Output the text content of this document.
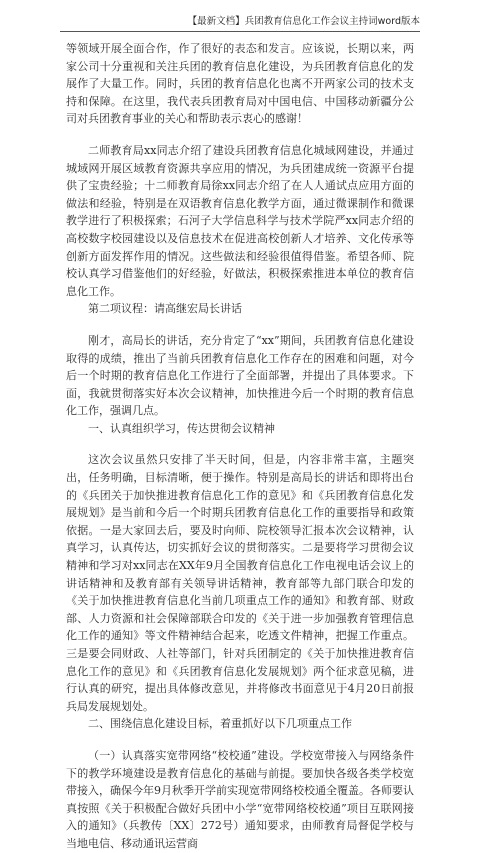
【最新文档】兵团教育信息化工作会议主持词word版本

等领域开展全面合作，作了很好的表态和发言。应该说，长期以来，两家公司十分重视和关注兵团的教育信息化建设，为兵团教育信息化的发展作了大量工作。同时，兵团的教育信息化也离不开两家公司的技术支持和保障。在这里，我代表兵团教育局对中国电信、中国移动新疆分公司对兵团教育事业的关心和帮助表示衷心的感谢！

二师教育局xx同志介绍了建设兵团教育信息化城域网建设，并通过城域网开展区域教育资源共享应用的情况，为兵团建成统一资源平台提供了宝贵经验；十二师教育局徐xx同志介绍了在人人通试点应用方面的做法和经验，特别是在双语教育信息化教学方面，通过微课制作和微课教学进行了积极探索；石河子大学信息科学与技术学院严xx同志介绍的高校数字校园建设以及信息技术在促进高校创新人才培养、文化传承等创新方面发挥作用的情况。这些做法和经验很值得借鉴。希望各师、院校认真学习借鉴他们的好经验，好做法，积极探索推进本单位的教育信息化工作。

第二项议程：请高继宏局长讲话

刚才，高局长的讲话，充分肯定了“xx”期间，兵团教育信息化建设取得的成绩，推出了当前兵团教育信息化工作存在的困难和问题，对今后一个时期的教育信息化工作进行了全面部署，并提出了具体要求。下面，我就贯彻落实好本次会议精神，加快推进今后一个时期的教育信息化工作，强调几点。

一、认真组织学习，传达贯彻会议精神

这次会议虽然只安排了半天时间，但是，内容非常丰富，主题突出，任务明确，目标清晰，便于操作。特别是高局长的讲话和即将出台的《兵团关于加快推进教育信息化工作的意见》和《兵团教育信息化发展规划》是当前和今后一个时期兵团教育信息化工作的重要指导和政策依据。一是大家回去后，要及时向师、院校领导汇报本次会议精神，认真学习，认真传达，切实抓好会议的贯彻落实。二是要将学习贯彻会议精神和学习对xx同志在XX年9月全国教育信息化工作电视电话会议上的讲话精神和及教育部有关领导讲话精神，教育部等九部门联合印发的《关于加快推进教育信息化当前几项重点工作的通知》和教育部、财政部、人力资源和社会保障部联合印发的《关于进一步加强教育管理信息化工作的通知》等文件精神结合起来，吃透文件精神，把握工作重点。三是要会同财政、人社等部门，针对兵团制定的《关于加快推进教育信息化工作的意见》和《兵团教育信息化发展规划》两个征求意见稿，进行认真的研究，提出具体修改意见，并将修改书面意见于4月20日前报兵局发展规划处。

二、围绕信息化建设目标，着重抓好以下几项重点工作

（一）认真落实宽带网络“校校通”建设。学校宽带接入与网络条件下的教学环境建设是教育信息化的基础与前提。要加快各级各类学校宽带接入，确保今年9月秋季开学前实现宽带网络校校通全覆盖。各师要认真按照《关于积极配合做好兵团中小学“宽带网络校校通”项目互联网接入的通知》（兵教传〔XX〕272号）通知要求，由师教育局督促学校与当地电信、移动通讯运营商
